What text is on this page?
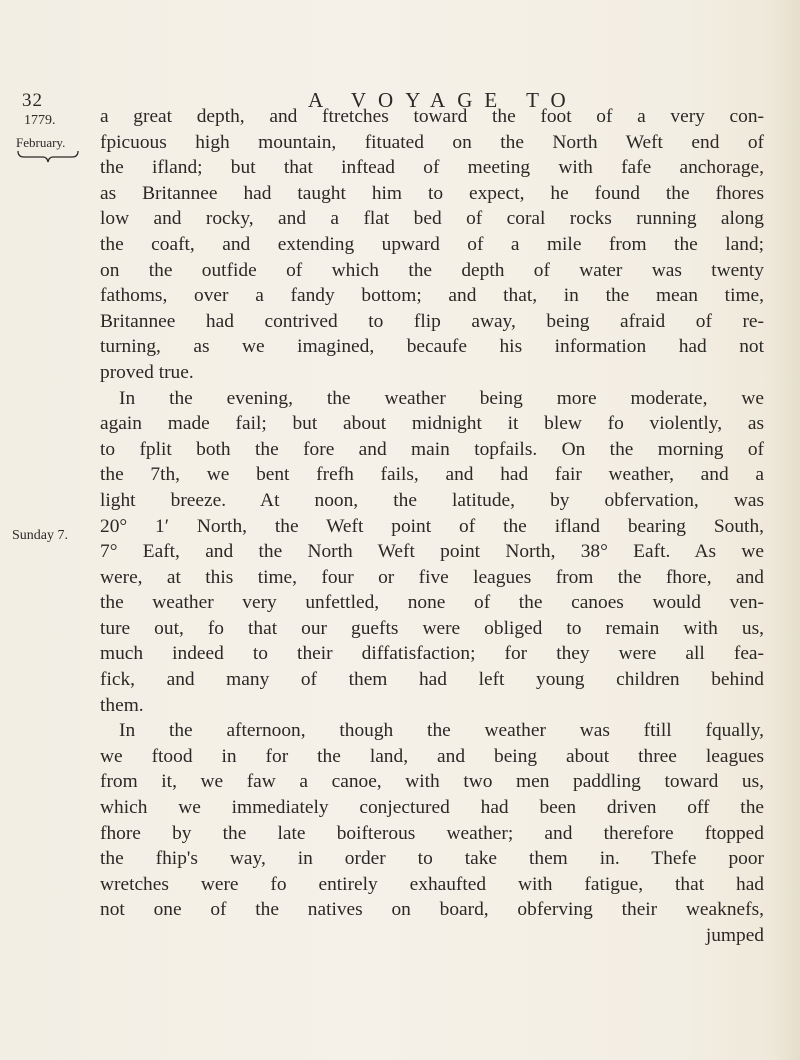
32	A VOYAGE TO
1779.
February.
Sunday 7.
a great depth, and ftretches toward the foot of a very con-
fpicuous high mountain, fituated on the North Weft end of
the ifland; but that inftead of meeting with fafe anchorage,
as Britannee had taught him to expect, he found the fhores
low and rocky, and a flat bed of coral rocks running along
the coaft, and extending upward of a mile from the land;
on the outfide of which the depth of water was twenty
fathoms, over a fandy bottom; and that, in the mean time,
Britannee had contrived to flip away, being afraid of re-
turning, as we imagined, becaufe his information had not
proved true.
In the evening, the weather being more moderate, we
again made fail; but about midnight it blew fo violently, as
to fplit both the fore and main topfails. On the morning of
the 7th, we bent frefh fails, and had fair weather, and a
light breeze. At noon, the latitude, by obfervation, was
20° 1′ North, the Weft point of the ifland bearing South,
7° Eaft, and the North Weft point North, 38° Eaft. As we
were, at this time, four or five leagues from the fhore, and
the weather very unfettled, none of the canoes would ven-
ture out, fo that our guefts were obliged to remain with us,
much indeed to their diffatisfaction; for they were all fea-
fick, and many of them had left young children behind
them.
In the afternoon, though the weather was ftill fqually,
we ftood in for the land, and being about three leagues
from it, we faw a canoe, with two men paddling toward us,
which we immediately conjectured had been driven off the
fhore by the late boifterous weather; and therefore ftopped
the fhip's way, in order to take them in. Thefe poor
wretches were fo entirely exhaufted with fatigue, that had
not one of the natives on board, obferving their weaknefs,
jumped
